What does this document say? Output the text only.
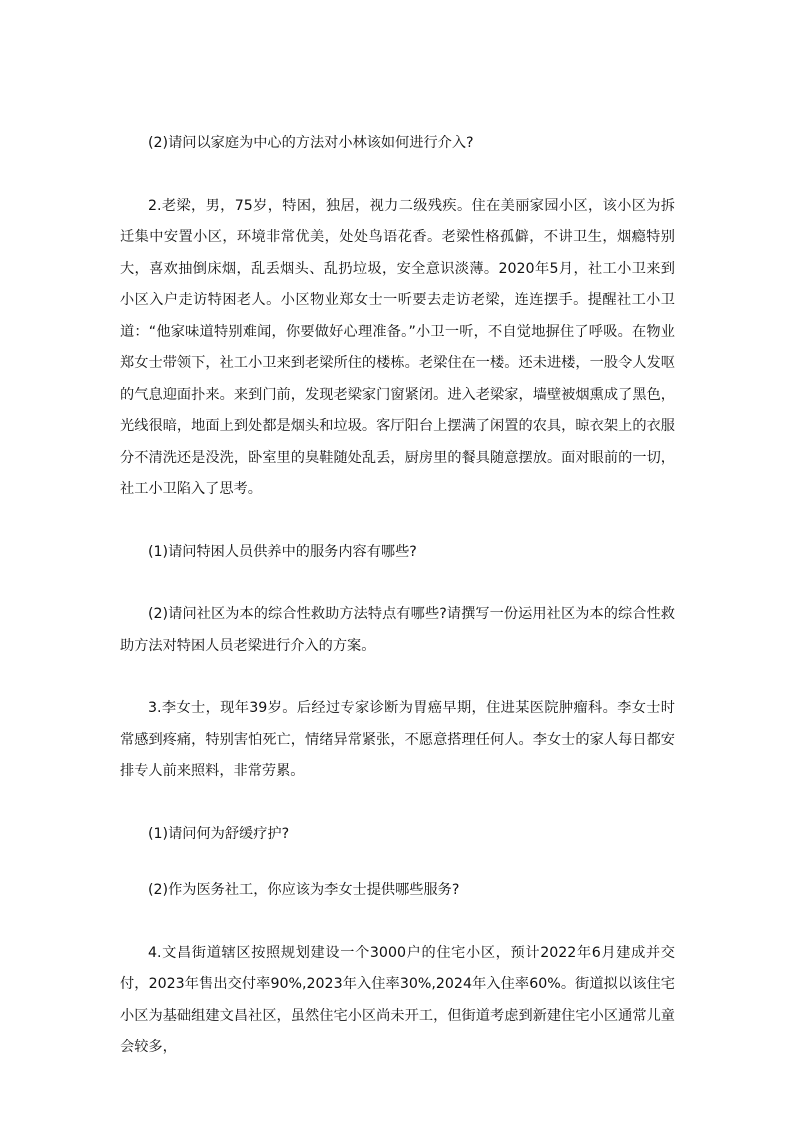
(2)请问以家庭为中心的方法对小林该如何进行介入?

2.老梁，男，75岁，特困，独居，视力二级残疾。住在美丽家园小区，该小区为拆迁集中安置小区，环境非常优美，处处鸟语花香。老梁性格孤僻，不讲卫生，烟瘾特别大，喜欢抽倒床烟，乱丢烟头、乱扔垃圾，安全意识淡薄。2020年5月，社工小卫来到小区入户走访特困老人。小区物业郑女士一听要去走访老梁，连连摆手。提醒社工小卫道：“他家味道特别难闻，你要做好心理准备。”小卫一听，不自觉地摒住了呼吸。在物业郑女士带领下，社工小卫来到老梁所住的楼栋。老梁住在一楼。还未进楼，一股令人发呕的气息迎面扑来。来到门前，发现老梁家门窗紧闭。进入老梁家，墙壁被烟熏成了黑色，光线很暗，地面上到处都是烟头和垃圾。客厅阳台上摆满了闲置的农具，晾衣架上的衣服分不清洗还是没洗，卧室里的臭鞋随处乱丢，厨房里的餐具随意摆放。面对眼前的一切，社工小卫陷入了思考。

(1)请问特困人员供养中的服务内容有哪些?

(2)请问社区为本的综合性救助方法特点有哪些?请撰写一份运用社区为本的综合性救助方法对特困人员老梁进行介入的方案。

3.李女士，现年39岁。后经过专家诊断为胃癌早期，住进某医院肿瘤科。李女士时常感到疼痛，特别害怕死亡，情绪异常紧张，不愿意搭理任何人。李女士的家人每日都安排专人前来照料，非常劳累。

(1)请问何为舒缓疗护?

(2)作为医务社工，你应该为李女士提供哪些服务?

4.文昌街道辖区按照规划建设一个3000户的住宅小区，预计2022年6月建成并交付，2023年售出交付率90%,2023年入住率30%,2024年入住率60%。街道拟以该住宅小区为基础组建文昌社区，虽然住宅小区尚未开工，但街道考虑到新建住宅小区通常儿童会较多，
